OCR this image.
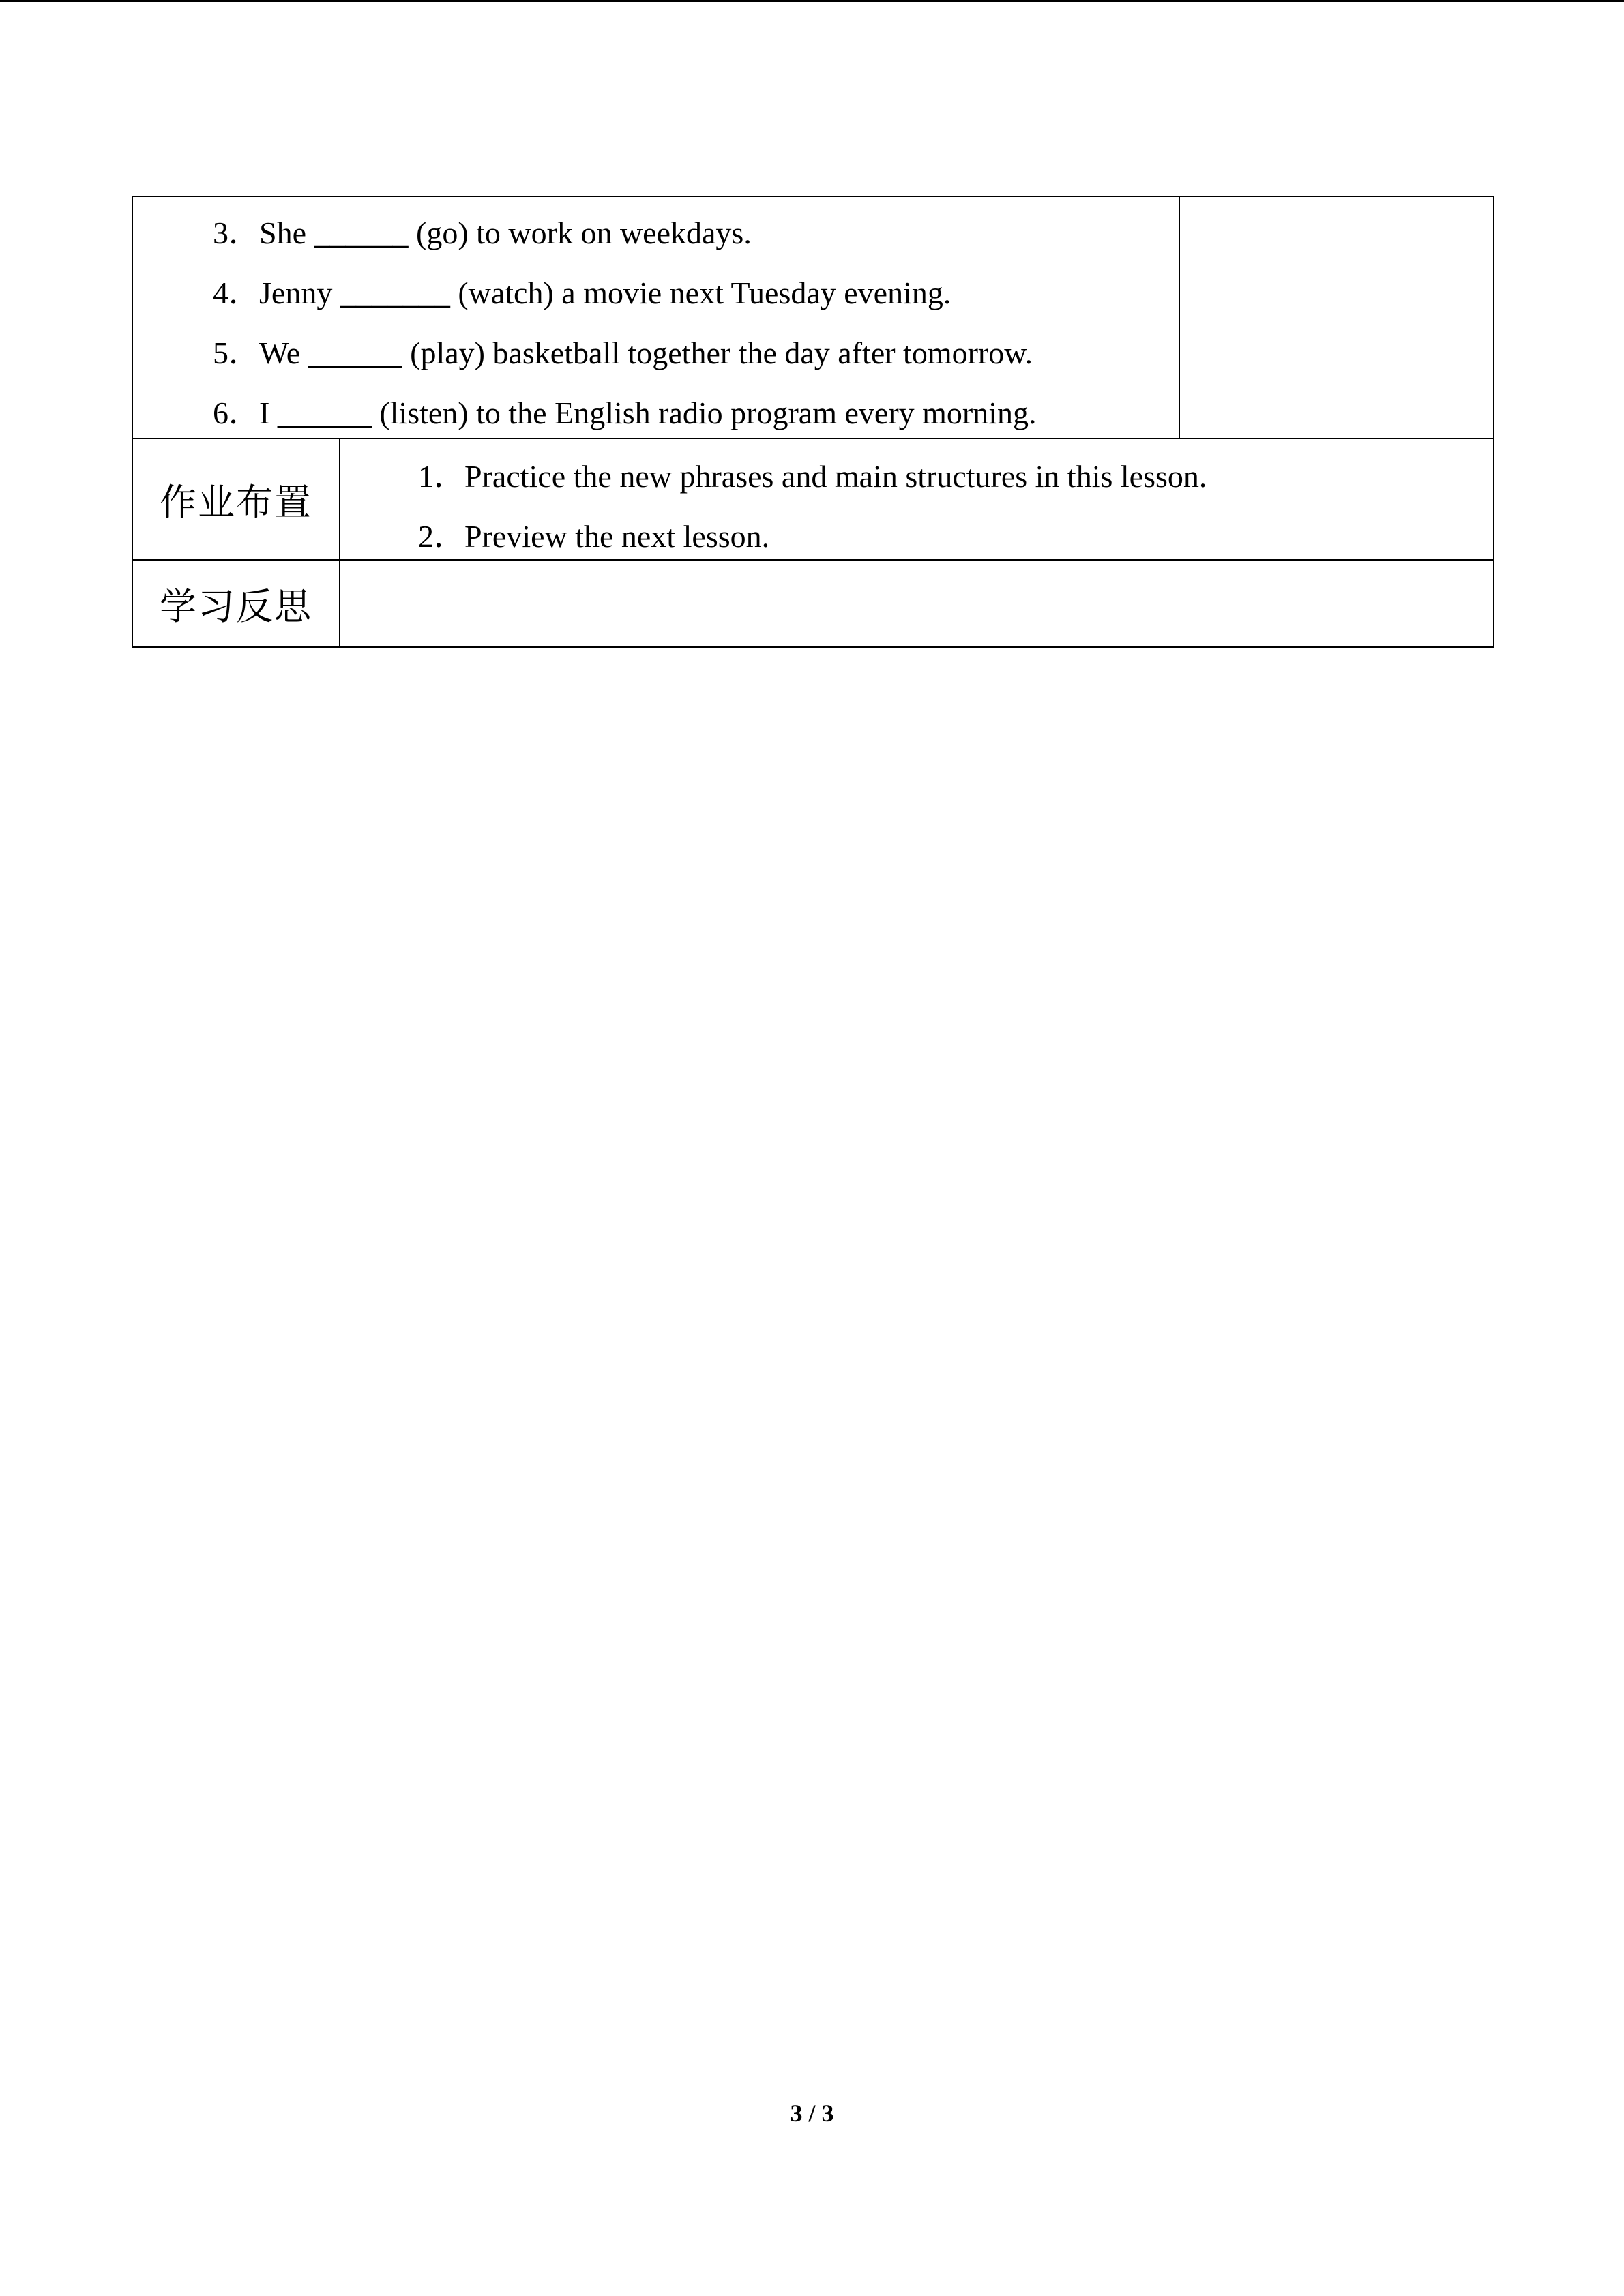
3．She ______ (go) to work on weekdays.
4．Jenny _______ (watch) a movie next Tuesday evening.
5．We ______ (play) basketball together the day after tomorrow.
6．I ______ (listen) to the English radio program every morning.		

作业布置	1．Practice the new phrases and main structures in this lesson.
2．Preview the next lesson.	

学习反思		
3 / 3
